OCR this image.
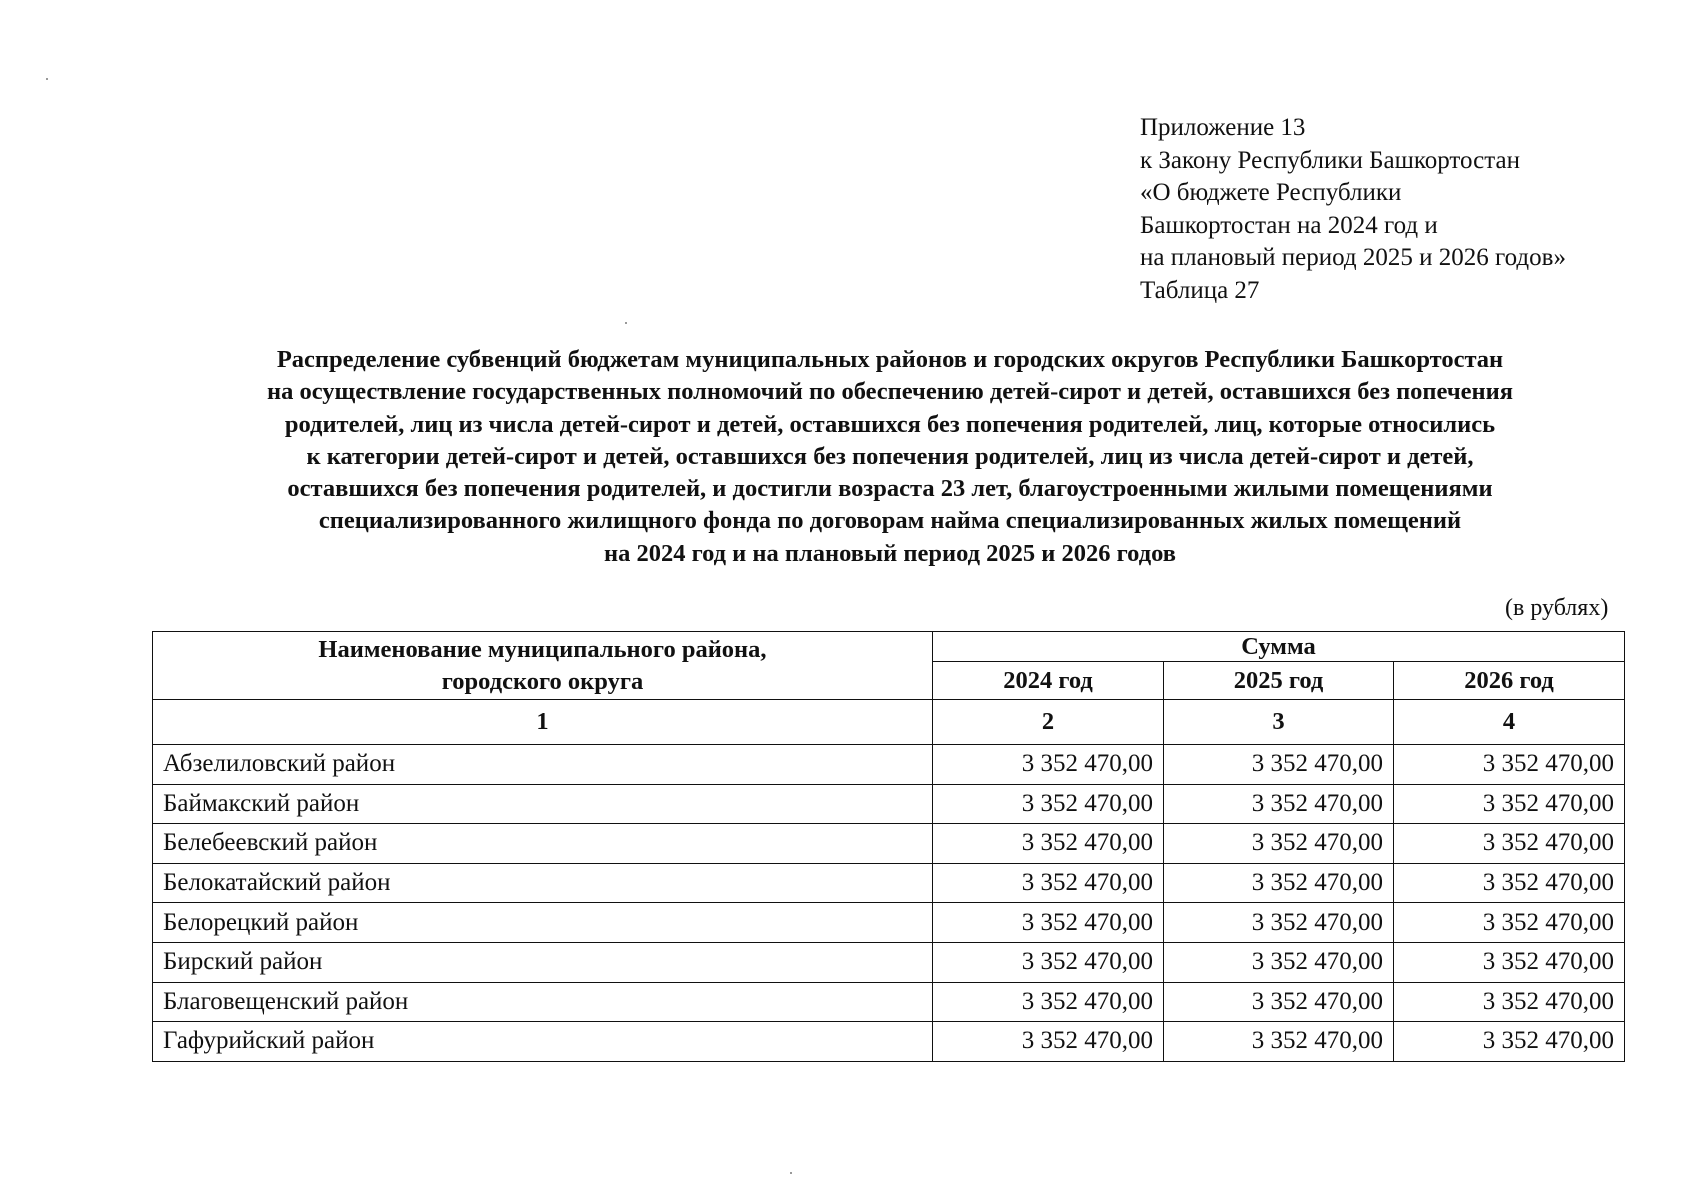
Приложение 13
к Закону Республики Башкортостан
«О бюджете Республики
Башкортостан на 2024 год и
на плановый период 2025 и 2026 годов»
Таблица 27
Распределение субвенций бюджетам муниципальных районов и городских округов Республики Башкортостан
на осуществление государственных полномочий по обеспечению детей-сирот и детей, оставшихся без попечения
родителей, лиц из числа детей-сирот и детей, оставшихся без попечения родителей, лиц, которые относились
к категории детей-сирот и детей, оставшихся без попечения родителей, лиц из числа детей-сирот и детей,
оставшихся без попечения родителей, и достигли возраста 23 лет, благоустроенными жилыми помещениями
специализированного жилищного фонда по договорам найма специализированных жилых помещений
на 2024 год и на плановый период 2025 и 2026 годов
(в рублях)
Наименование муниципального района,
городского округа	Сумма		
	2024 год	2025 год	2026 год
1	2	3	4
Абзелиловский район	3 352 470,00	3 352 470,00	3 352 470,00
Баймакский район	3 352 470,00	3 352 470,00	3 352 470,00
Белебеевский район	3 352 470,00	3 352 470,00	3 352 470,00
Белокатайский район	3 352 470,00	3 352 470,00	3 352 470,00
Белорецкий район	3 352 470,00	3 352 470,00	3 352 470,00
Бирский район	3 352 470,00	3 352 470,00	3 352 470,00
Благовещенский район	3 352 470,00	3 352 470,00	3 352 470,00
Гафурийский район	3 352 470,00	3 352 470,00	3 352 470,00
